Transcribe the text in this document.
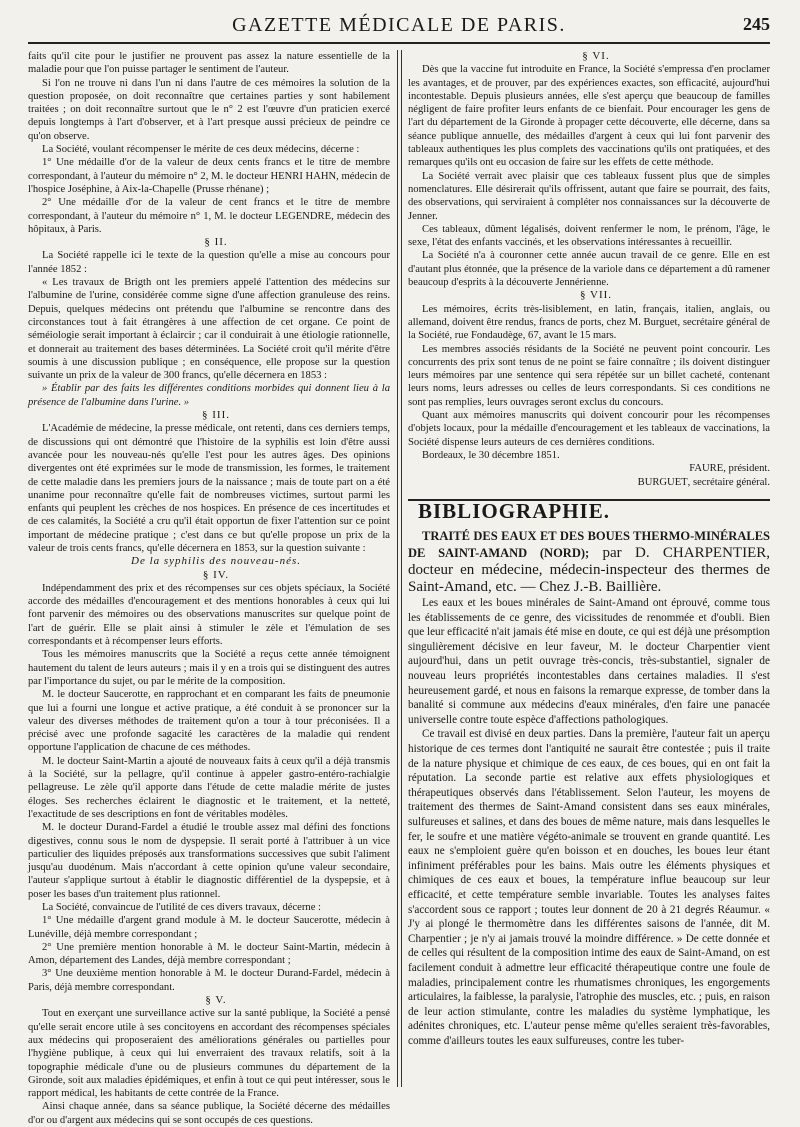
GAZETTE MÉDICALE DE PARIS.	245

faits qu'il cite pour le justifier ne prouvent pas assez la nature essentielle de la maladie pour que l'on puisse partager le sentiment de l'auteur.

Si l'on ne trouve ni dans l'un ni dans l'autre de ces mémoires la solution de la question proposée, on doit reconnaître que certaines parties y sont habilement traitées ; on doit reconnaître surtout que le n° 2 est l'œuvre d'un praticien exercé depuis longtemps à l'art d'observer, et à l'art presque aussi précieux de peindre ce qu'on observe.

La Société, voulant récompenser le mérite de ces deux médecins, décerne :

1° Une médaille d'or de la valeur de deux cents francs et le titre de membre correspondant, à l'auteur du mémoire n° 2, M. le docteur HENRI HAHN, médecin de l'hospice Joséphine, à Aix-la-Chapelle (Prusse rhénane) ;

2° Une médaille d'or de la valeur de cent francs et le titre de membre correspondant, à l'auteur du mémoire n° 1, M. le docteur LEGENDRE, médecin des hôpitaux, à Paris.

§ II.

La Société rappelle ici le texte de la question qu'elle a mise au concours pour l'année 1852 :

« Les travaux de Brigth ont les premiers appelé l'attention des médecins sur l'albumine de l'urine, considérée comme signe d'une affection granuleuse des reins. Depuis, quelques médecins ont prétendu que l'albumine se rencontre dans des circonstances tout à fait étrangères à une affection de cet organe. Ce point de séméiologie serait important à éclaircir ; car il conduirait à une étiologie rationnelle, et donnerait au traitement des bases déterminées. La Société croit qu'il mérite d'être soumis à une discussion publique ; en conséquence, elle propose sur la question suivante un prix de la valeur de 300 francs, qu'elle décernera en 1853 :

» Établir par des faits les différentes conditions morbides qui donnent lieu à la présence de l'albumine dans l'urine. »

§ III.

L'Académie de médecine, la presse médicale, ont retenti, dans ces derniers temps, de discussions qui ont démontré que l'histoire de la syphilis est loin d'être aussi avancée pour les nouveau-nés qu'elle l'est pour les autres âges. Des opinions divergentes ont été exprimées sur le mode de transmission, les formes, le traitement de cette maladie dans les premiers jours de la naissance ; mais de toute part on a été unanime pour reconnaître qu'elle fait de nombreuses victimes, surtout parmi les enfants qui peuplent les crèches de nos hospices. En présence de ces incertitudes et de ces calamités, la Société a cru qu'il était opportun de fixer l'attention sur ce point important de médecine pratique ; c'est dans ce but qu'elle propose un prix de la valeur de trois cents francs, qu'elle décernera en 1853, sur la question suivante :

De la syphilis des nouveau-nés.

§ IV.

Indépendamment des prix et des récompenses sur ces objets spéciaux, la Société accorde des médailles d'encouragement et des mentions honorables à ceux qui lui font parvenir des mémoires ou des observations manuscrites sur quelque point de l'art de guérir. Elle se plait ainsi à stimuler le zèle et l'émulation de ses correspondants et à récompenser leurs efforts.

Tous les mémoires manuscrits que la Société a reçus cette année témoignent hautement du talent de leurs auteurs ; mais il y en a trois qui se distinguent des autres par l'importance du sujet, ou par le mérite de la composition.

M. le docteur Saucerotte, en rapprochant et en comparant les faits de pneumonie que lui a fourni une longue et active pratique, a été conduit à se prononcer sur la valeur des diverses méthodes de traitement qu'on a tour à tour préconisées. Il a précisé avec une profonde sagacité les caractères de la maladie qui rendent opportune l'application de chacune de ces méthodes.

M. le docteur Saint-Martin a ajouté de nouveaux faits à ceux qu'il a déjà transmis à la Société, sur la pellagre, qu'il continue à appeler gastro-entéro-rachialgie pellagreuse. Le zèle qu'il apporte dans l'étude de cette maladie mérite de justes éloges. Ses recherches éclairent le diagnostic et le traitement, et la netteté, l'exactitude de ses descriptions en font de véritables modèles.

M. le docteur Durand-Fardel a étudié le trouble assez mal défini des fonctions digestives, connu sous le nom de dyspepsie. Il serait porté à l'attribuer à un vice particulier des liquides préposés aux transformations successives que subit l'aliment jusqu'au duodénum. Mais n'accordant à cette opinion qu'une valeur secondaire, l'auteur s'applique surtout à établir le diagnostic différentiel de la dyspepsie, et à poser les bases d'un traitement plus rationnel.

La Société, convaincue de l'utilité de ces divers travaux, décerne :

1° Une médaille d'argent grand module à M. le docteur Saucerotte, médecin à Lunéville, déjà membre correspondant ;

2° Une première mention honorable à M. le docteur Saint-Martin, médecin à Amon, département des Landes, déjà membre correspondant ;

3° Une deuxième mention honorable à M. le docteur Durand-Fardel, médecin à Paris, déjà membre correspondant.

§ V.

Tout en exerçant une surveillance active sur la santé publique, la Société a pensé qu'elle serait encore utile à ses concitoyens en accordant des récompenses spéciales aux médecins qui proposeraient des améliorations générales ou partielles pour l'hygiène publique, à ceux qui lui enverraient des travaux relatifs, soit à la topographie médicale d'une ou de plusieurs communes du département de la Gironde, soit aux maladies épidémiques, et enfin à tout ce qui peut intéresser, sous le rapport médical, les habitants de cette contrée de la France.

Ainsi chaque année, dans sa séance publique, la Société décerne des médailles d'or ou d'argent aux médecins qui se sont occupés de ces questions.

§ VI.

Dès que la vaccine fut introduite en France, la Société s'empressa d'en proclamer les avantages, et de prouver, par des expériences exactes, son efficacité, aujourd'hui incontestable. Depuis plusieurs années, elle s'est aperçu que beaucoup de familles négligent de faire profiter leurs enfants de ce bienfait. Pour encourager les gens de l'art du département de la Gironde à propager cette découverte, elle décerne, dans sa séance publique annuelle, des médailles d'argent à ceux qui lui font parvenir des tableaux authentiques les plus complets des vaccinations qu'ils ont pratiquées, et des remarques qu'ils ont eu occasion de faire sur les effets de cette méthode.

La Société verrait avec plaisir que ces tableaux fussent plus que de simples nomenclatures. Elle désirerait qu'ils offrissent, autant que faire se pourrait, des faits, des observations, qui serviraient à compléter nos connaissances sur la découverte de Jenner.

Ces tableaux, dûment légalisés, doivent renfermer le nom, le prénom, l'âge, le sexe, l'état des enfants vaccinés, et les observations intéressantes à recueillir.

La Société n'a à couronner cette année aucun travail de ce genre. Elle en est d'autant plus étonnée, que la présence de la variole dans ce département a dû ramener beaucoup d'esprits à la découverte Jennérienne.

§ VII.

Les mémoires, écrits très-lisiblement, en latin, français, italien, anglais, ou allemand, doivent être rendus, francs de ports, chez M. Burguet, secrétaire général de la Société, rue Fondaudège, 67, avant le 15 mars.

Les membres associés résidants de la Société ne peuvent point concourir. Les concurrents des prix sont tenus de ne point se faire connaître ; ils doivent distinguer leurs mémoires par une sentence qui sera répétée sur un billet cacheté, contenant leurs noms, leurs adresses ou celles de leurs correspondants. Si ces conditions ne sont pas remplies, leurs ouvrages seront exclus du concours.

Quant aux mémoires manuscrits qui doivent concourir pour les récompenses d'objets locaux, pour la médaille d'encouragement et les tableaux de vaccinations, la Société dispense leurs auteurs de ces dernières conditions.

Bordeaux, le 30 décembre 1851.

FAURE, président.

BURGUET, secrétaire général.

BIBLIOGRAPHIE.

TRAITÉ DES EAUX ET DES BOUES THERMO-MINÉRALES DE SAINT-AMAND (NORD); par D. CHARPENTIER, docteur en médecine, médecin-inspecteur des thermes de Saint-Amand, etc. — Chez J.-B. Baillière.

Les eaux et les boues minérales de Saint-Amand ont éprouvé, comme tous les établissements de ce genre, des vicissitudes de renommée et d'oubli. Bien que leur efficacité n'ait jamais été mise en doute, ce qui est déjà une présomption singulièrement décisive en leur faveur, M. le docteur Charpentier vient aujourd'hui, dans un petit ouvrage très-concis, très-substantiel, signaler de nouveau leurs propriétés incontestables dans certaines maladies. Il s'est heureusement gardé, et nous en faisons la remarque expresse, de tomber dans la banalité si commune aux médecins d'eaux minérales, d'en faire une panacée universelle contre toute espèce d'affections pathologiques.

Ce travail est divisé en deux parties. Dans la première, l'auteur fait un aperçu historique de ces termes dont l'antiquité ne saurait être contestée ; puis il traite de la nature physique et chimique de ces eaux, de ces boues, qui en ont fait la réputation. La seconde partie est relative aux effets physiologiques et thérapeutiques observés dans l'établissement. Selon l'auteur, les moyens de traitement des thermes de Saint-Amand consistent dans ses eaux minérales, sulfureuses et salines, et dans des boues de même nature, mais dans lesquelles le fer, le soufre et une matière végéto-animale se trouvent en grande quantité. Les eaux ne s'emploient guère qu'en boisson et en douches, les boues leur étant infiniment préférables pour les bains. Mais outre les éléments physiques et chimiques de ces eaux et boues, la température influe beaucoup sur leur efficacité, et cette température semble invariable. Toutes les analyses faites s'accordent sous ce rapport ; toutes leur donnent de 20 à 21 degrés Réaumur. « J'y ai plongé le thermomètre dans les différentes saisons de l'année, dit M. Charpentier ; je n'y ai jamais trouvé la moindre différence. » De cette donnée et de celles qui résultent de la composition intime des eaux de Saint-Amand, on est facilement conduit à admettre leur efficacité thérapeutique contre une foule de maladies, principalement contre les rhumatismes chroniques, les engorgements articulaires, la faiblesse, la paralysie, l'atrophie des muscles, etc. ; puis, en raison de leur action stimulante, contre les maladies du système lymphatique, les adénites chroniques, etc. L'auteur pense même qu'elles seraient très-favorables, comme d'ailleurs toutes les eaux sulfureuses, contre les tuber-
